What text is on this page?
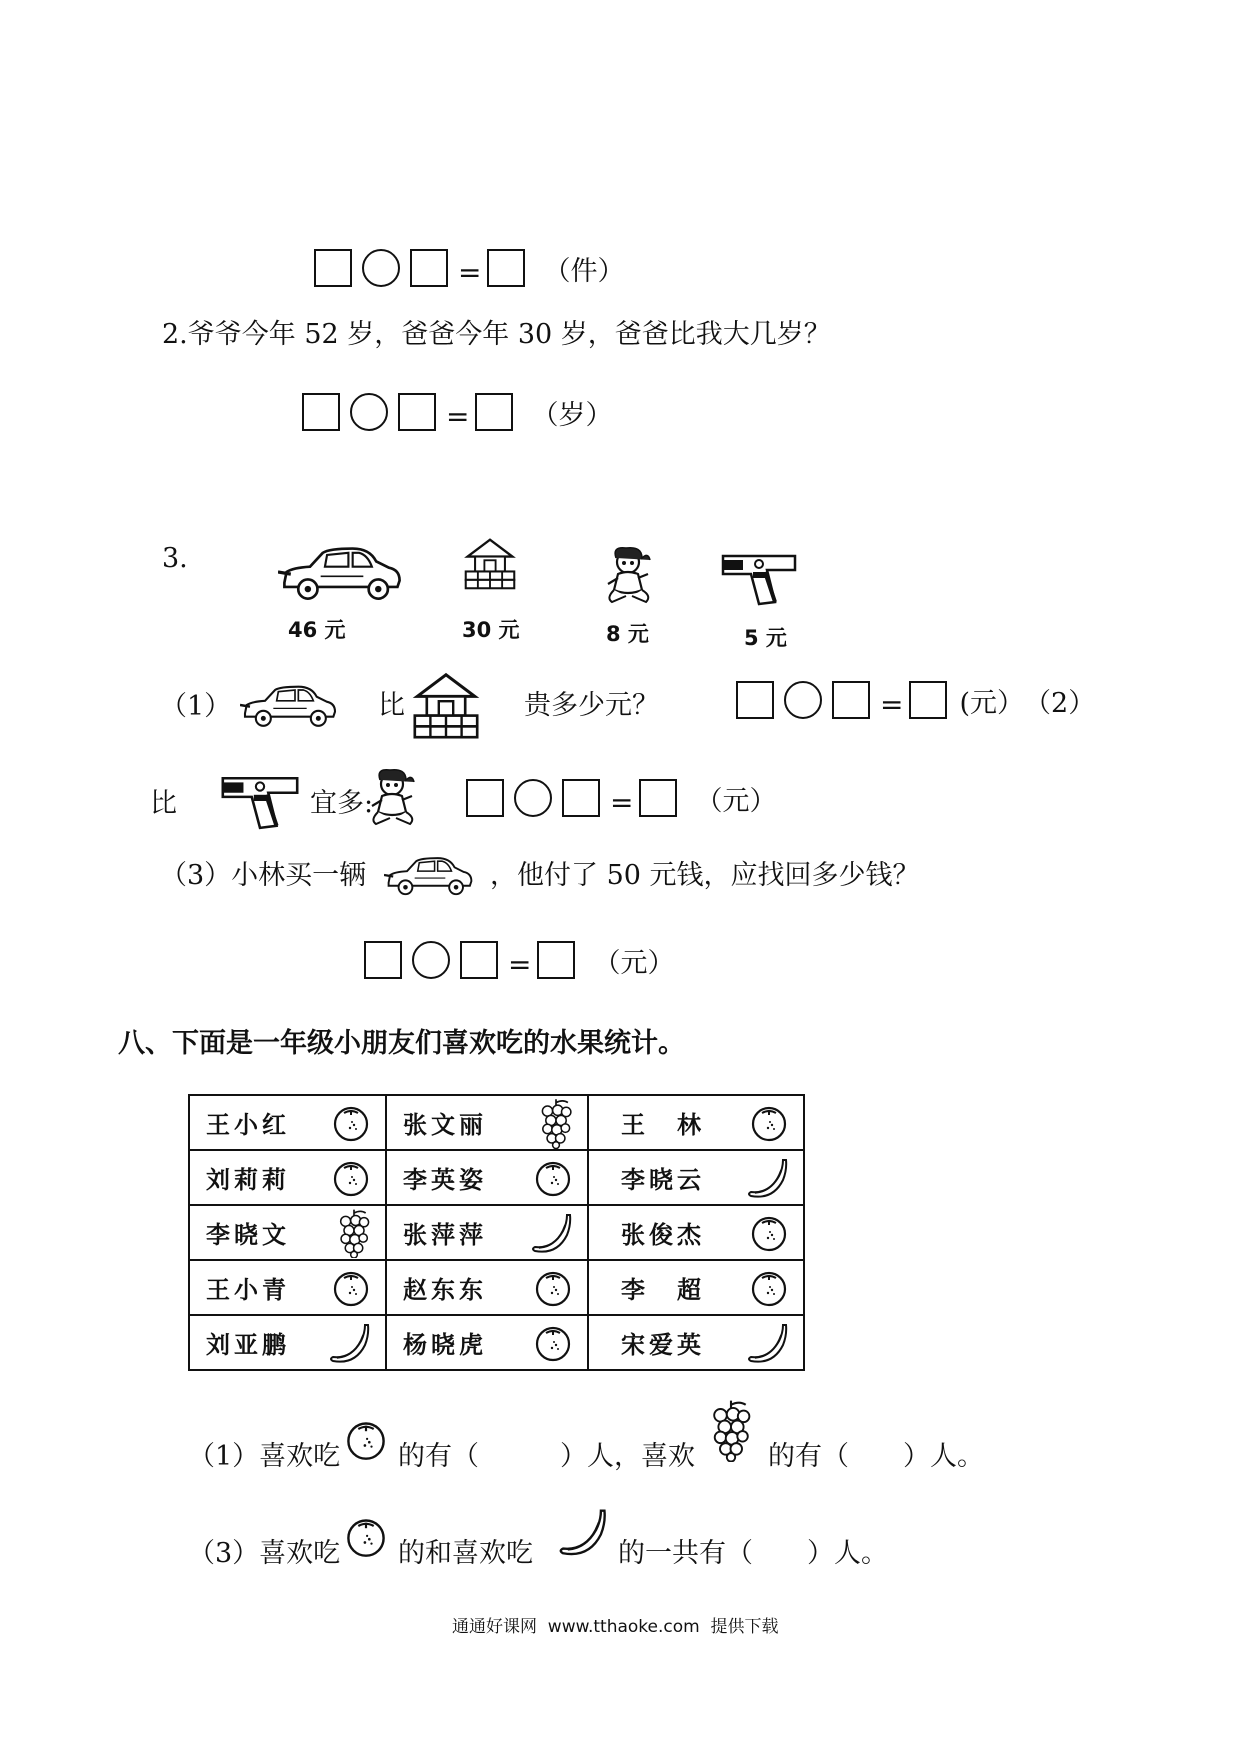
= （件）
2.爷爷今年 52 岁，爸爸今年 30 岁，爸爸比我大几岁？
= （岁）
3.
46 元	30 元	8 元	5 元
（1）	比	贵多少元？	= (元） （2）
比	宜多:	= （元）
（3）小林买一辆	，他付了 50 元钱，应找回多少钱？
= （元）
八、下面是一年级小朋友们喜欢吃的水果统计。
王小红	张文丽	王　林

刘莉莉	李英姿	李晓云

李晓文	张萍萍	张俊杰

王小青	赵东东	李　超

刘亚鹏	杨晓虎	宋爱英
（1）喜欢吃 的有（　　　）人，喜欢	的有（　　）人。
（3）喜欢吃 的和喜欢吃	的一共有（　　）人。
通通好课网  www.tthaoke.com  提供下载
